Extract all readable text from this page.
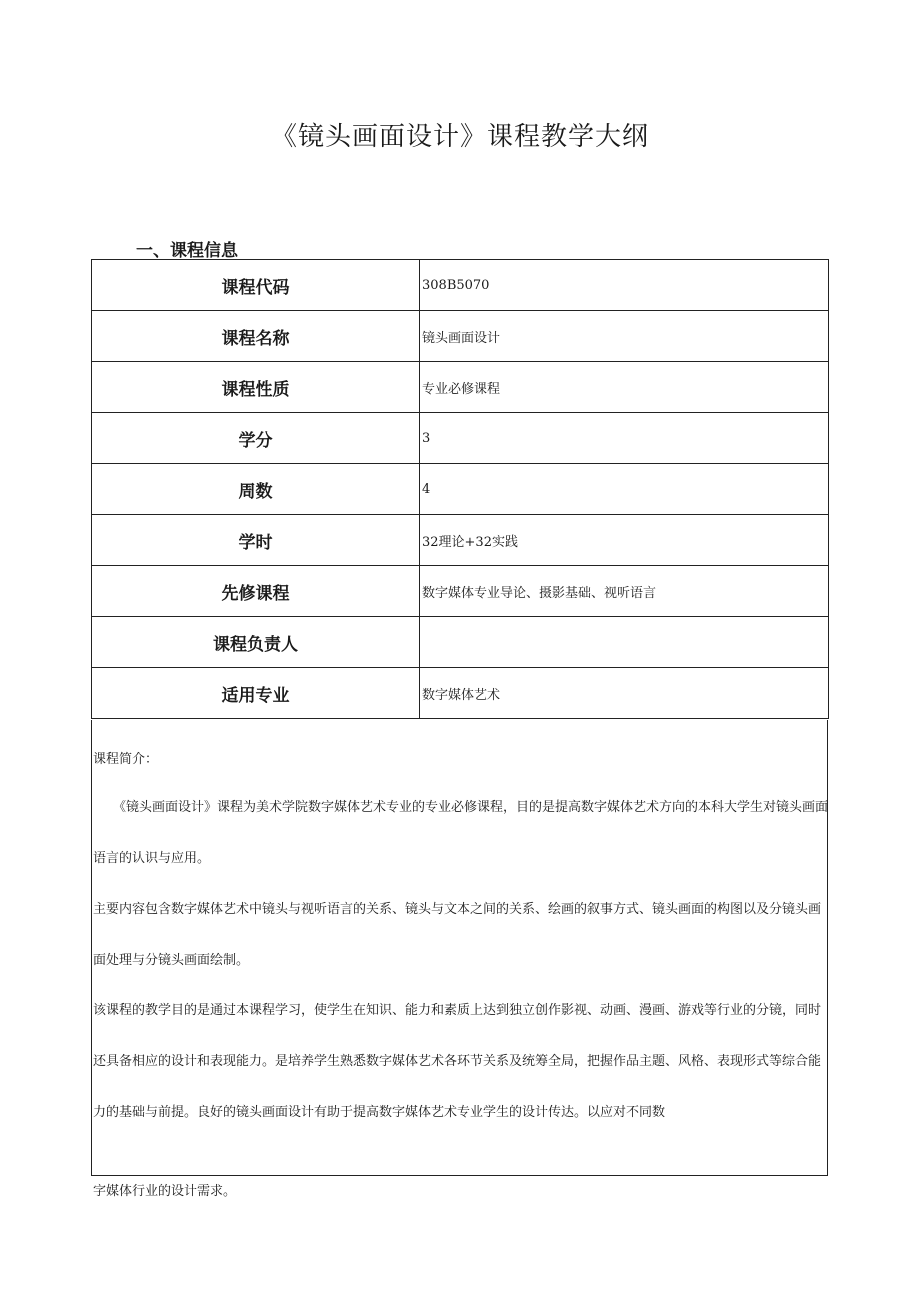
《镜头画面设计》课程教学大纲
一、课程信息
课程代码	308B5070
课程名称	镜头画面设计
课程性质	专业必修课程
学分	3
周数	4
学时	32理论+32实践
先修课程	数字媒体专业导论、摄影基础、视听语言
课程负责人	
适用专业	数字媒体艺术
课程简介：
《镜头画面设计》课程为美术学院数字媒体艺术专业的专业必修课程，目的是提高数字媒体艺术方向的本科大学生对镜头画面语言的认识与应用。
主要内容包含数字媒体艺术中镜头与视听语言的关系、镜头与文本之间的关系、绘画的叙事方式、镜头画面的构图以及分镜头画面处理与分镜头画面绘制。
该课程的教学目的是通过本课程学习，使学生在知识、能力和素质上达到独立创作影视、动画、漫画、游戏等行业的分镜，同时还具备相应的设计和表现能力。是培养学生熟悉数字媒体艺术各环节关系及统筹全局，把握作品主题、风格、表现形式等综合能力的基础与前提。良好的镜头画面设计有助于提高数字媒体艺术专业学生的设计传达。以应对不同数
字媒体行业的设计需求。
